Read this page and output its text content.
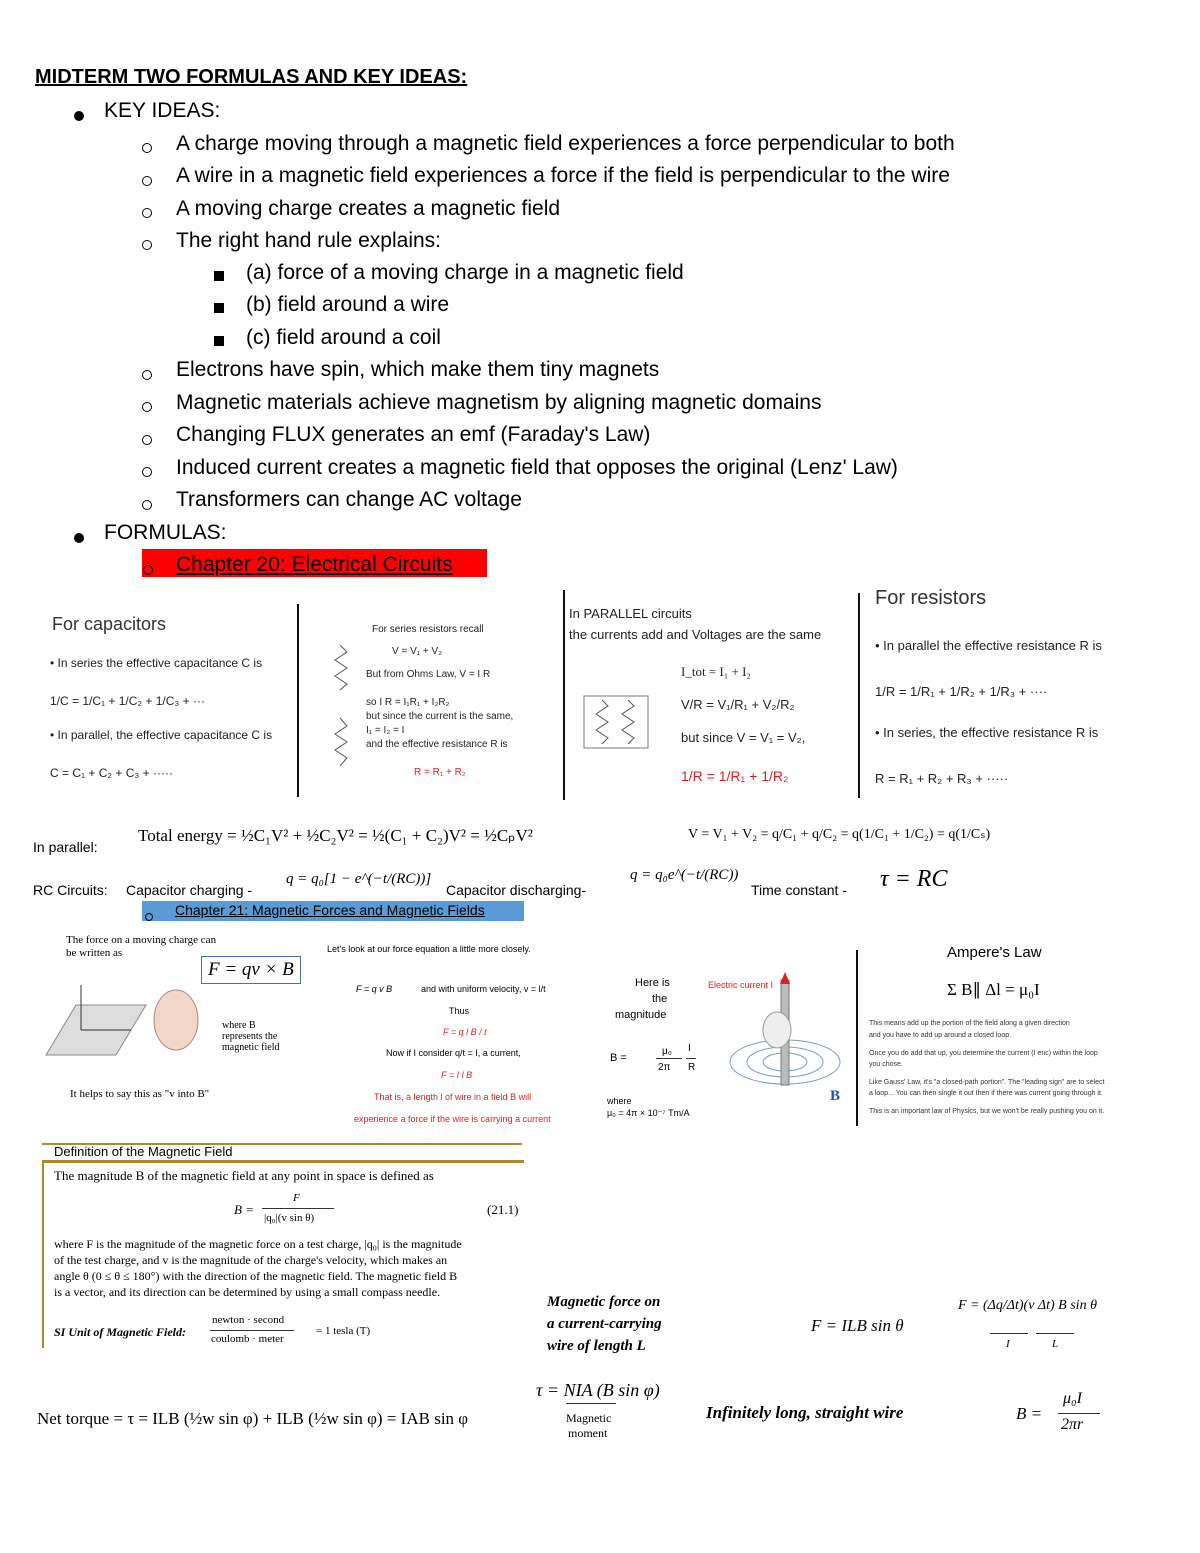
MIDTERM TWO FORMULAS AND KEY IDEAS:
KEY IDEAS:
A charge moving through a magnetic field experiences a force perpendicular to both
A wire in a magnetic field experiences a force if the field is perpendicular to the wire
A moving charge creates a magnetic field
The right hand rule explains:
(a) force of a moving charge in a magnetic field
(b) field around a wire
(c) field around a coil
Electrons have spin, which make them tiny magnets
Magnetic materials achieve magnetism by aligning magnetic domains
Changing FLUX generates an emf (Faraday's Law)
Induced current creates a magnetic field that opposes the original (Lenz' Law)
Transformers can change AC voltage
FORMULAS:
Chapter 20: Electrical Circuits
For capacitors
• In series the effective capacitance C is
1/C = 1/C₁ + 1/C₂ + 1/C₃ + ···
• In parallel, the effective capacitance C is
C = C₁ + C₂ + C₃ + ·····
For series resistors recall
V = V₁ + V₂
But from Ohms Law, V = I R
so I R = I₁R₁ + I₂R₂
but since the current is the same,
I₁ = I₂ = I
and the effective resistance R is
R = R₁ + R₂
In PARALLEL circuits
the currents add and Voltages are the same
I_tot = I₁ + I₂
V/R = V₁/R₁ + V₂/R₂
but since V = V₁ = V₂,
1/R = 1/R₁ + 1/R₂
For resistors
• In parallel the effective resistance R is
1/R = 1/R₁ + 1/R₂ + 1/R₃ + ····
• In series, the effective resistance R is
R = R₁ + R₂ + R₃ + ·····
In parallel:
Total energy = ½C₁V² + ½C₂V² = ½(C₁ + C₂)V² = ½CₚV²	V = V₁ + V₂ = q/C₁ + q/C₂ = q(1/C₁ + 1/C₂) = q(1/Cₛ)
RC Circuits: Capacitor charging -
q = q₀[1 − e^(−t/(RC))]
Capacitor discharging-
q = q₀e^(−t/(RC))
Time constant - τ = RC
Chapter 21: Magnetic Forces and Magnetic Fields
The force on a moving charge can
be written as
F = qv × B
where B represents the magnetic field
It helps to say this as "v into B"
Let's look at our force equation a little more closely.
F = q v B	and with uniform velocity, v = l/t
Thus
F = q l B / t
Now if I consider q/t = I, a current,
F = I l B
That is, a length l of wire in a field B will
experience a force if the wire is carrying a current
Here is
the
magnitude
B =
μ₀
2π
I
R
where
μ₀ = 4π × 10⁻⁷ Tm/A
Electric current I
B
Ampere's Law
Σ B∥ Δl = μ₀I
This means add up the portion of the field along a given direction
and you have to add up around a closed loop.
Once you do add that up, you determine the current (I enc) within the loop
you chose.
Like Gauss' Law, it's "a closed-path portion". The "leading sign" are to select
a loop... You can then single it out then if there was current going through it.
This is an important law of Physics, but we won't be really pushing you on it.
Definition of the Magnetic Field
The magnitude B of the magnetic field at any point in space is defined as
B =
F
|q₀|(v sin θ)
(21.1)
where F is the magnitude of the magnetic force on a test charge, |q₀| is the magnitude
of the test charge, and v is the magnitude of the charge's velocity, which makes an
angle θ (0 ≤ θ ≤ 180°) with the direction of the magnetic field. The magnetic field B
is a vector, and its direction can be determined by using a small compass needle.
SI Unit of Magnetic Field:
newton · second
coulomb · meter
= 1 tesla (T)
Magnetic force on
a current-carrying
wire of length L
F = ILB sin θ
F = (Δq/Δt)(v Δt) B sin θ
I	L
Net torque = τ = ILB (½w sin φ) + ILB (½w sin φ) = IAB sin φ
τ = NIA (B sin φ)
Magnetic
moment
Infinitely long, straight wire	B =
μ₀I
2πr
